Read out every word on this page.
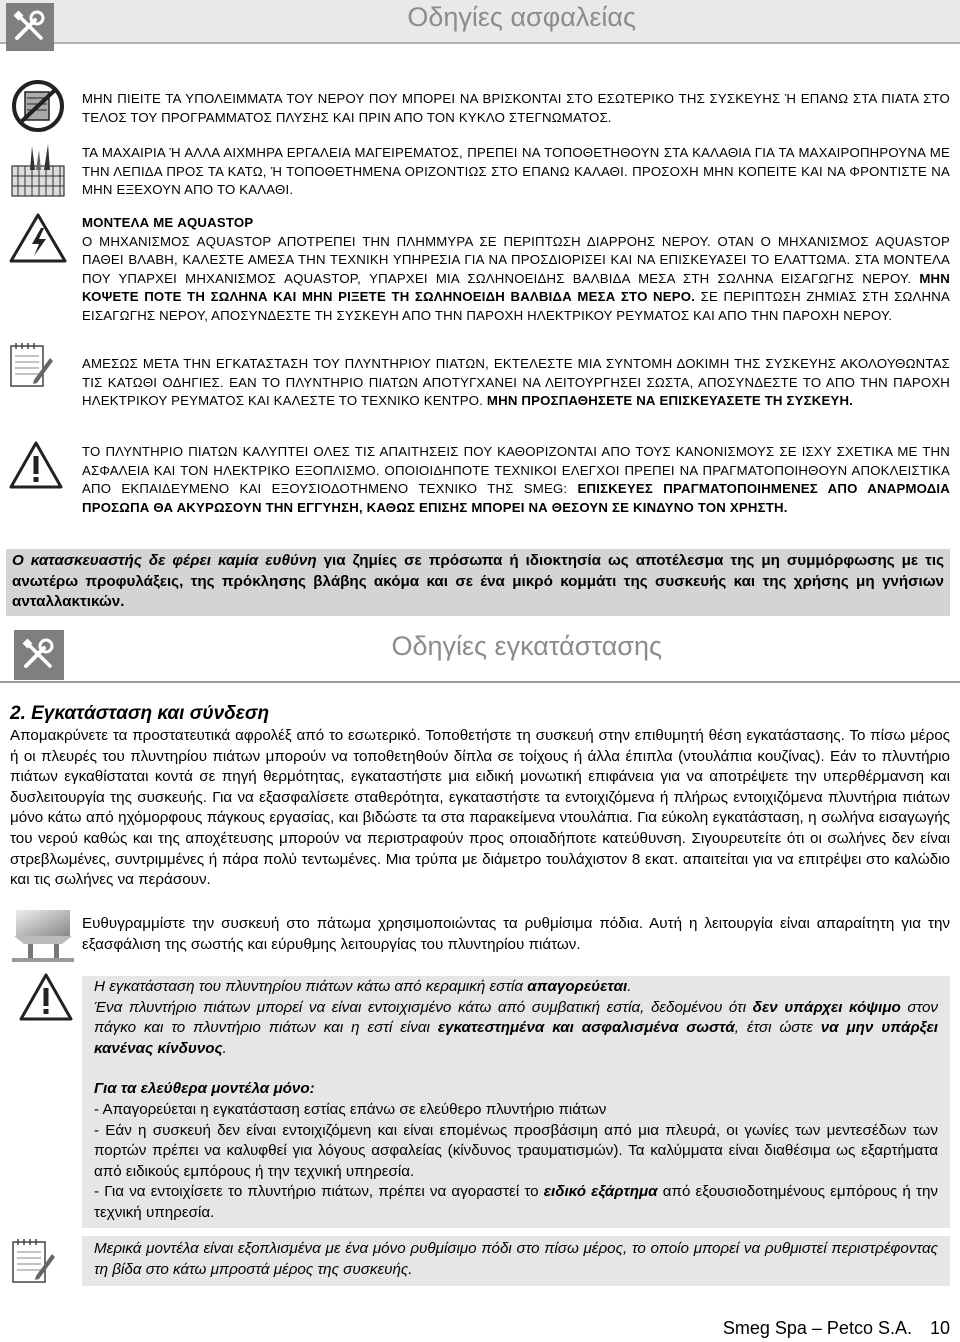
Οδηγίες ασφαλείας
ΜΗΝ ΠΙΕΙΤΕ ΤΑ ΥΠΟΛΕΙΜΜΑΤΑ ΤΟΥ ΝΕΡΟΥ ΠΟΥ ΜΠΟΡΕΙ ΝΑ ΒΡΙΣΚΟΝΤΑΙ ΣΤΟ ΕΣΩΤΕΡΙΚΟ ΤΗΣ ΣΥΣΚΕΥΗΣ Ή ΕΠΑΝΩ ΣΤΑ ΠΙΑΤΑ ΣΤΟ ΤΕΛΟΣ ΤΟΥ ΠΡΟΓΡΑΜΜΑΤΟΣ ΠΛΥΣΗΣ ΚΑΙ ΠΡΙΝ ΑΠΟ ΤΟΝ ΚΥΚΛΟ ΣΤΕΓΝΩΜΑΤΟΣ.
ΤΑ ΜΑΧΑΙΡΙΑ Ή ΑΛΛΑ ΑΙΧΜΗΡΑ ΕΡΓΑΛΕΙΑ ΜΑΓΕΙΡΕΜΑΤΟΣ, ΠΡΕΠΕΙ ΝΑ ΤΟΠΟΘΕΤΗΘΟΥΝ ΣΤΑ ΚΑΛΑΘΙΑ ΓΙΑ ΤΑ ΜΑΧΑΙΡΟΠΗΡΟΥΝΑ ΜΕ ΤΗΝ ΛΕΠΙΔΑ ΠΡΟΣ ΤΑ ΚΑΤΩ, Ή ΤΟΠΟΘΕΤΗΜΕΝΑ ΟΡΙΖΟΝΤΙΩΣ ΣΤΟ ΕΠΑΝΩ ΚΑΛΑΘΙ. ΠΡΟΣΟΧΗ ΜΗΝ ΚΟΠΕΙΤΕ ΚΑΙ ΝΑ ΦΡΟΝΤΙΣΤΕ ΝΑ ΜΗΝ ΕΞΕΧΟΥΝ ΑΠΟ ΤΟ ΚΑΛΑΘΙ.
ΜΟΝΤΕΛΑ ΜΕ AQUASTOP
Ο ΜΗΧΑΝΙΣΜΟΣ AQUASTOP ΑΠΟΤΡΕΠΕΙ ΤΗΝ ΠΛΗΜΜΥΡΑ ΣΕ ΠΕΡΙΠΤΩΣΗ ΔΙΑΡΡΟΗΣ ΝΕΡΟΥ. ΟΤΑΝ Ο ΜΗΧΑΝΙΣΜΟΣ AQUASTOP ΠΑΘΕΙ ΒΛΑΒΗ, ΚΑΛΕΣΤΕ ΑΜΕΣΑ ΤΗΝ ΤΕΧΝΙΚΗ ΥΠΗΡΕΣΙΑ ΓΙΑ ΝΑ ΠΡΟΣΔΙΟΡΙΣΕΙ ΚΑΙ ΝΑ ΕΠΙΣΚΕΥΑΣΕΙ ΤΟ ΕΛΑΤΤΩΜΑ. ΣΤΑ ΜΟΝΤΕΛΑ ΠΟΥ ΥΠΑΡΧΕΙ ΜΗΧΑΝΙΣΜΟΣ AQUASTOP, ΥΠΑΡΧΕΙ ΜΙΑ ΣΩΛΗΝΟΕΙΔΗΣ ΒΑΛΒΙΔΑ ΜΕΣΑ ΣΤΗ ΣΩΛΗΝΑ ΕΙΣΑΓΩΓΗΣ ΝΕΡΟΥ. ΜΗΝ ΚΟΨΕΤΕ ΠΟΤΕ ΤΗ ΣΩΛΗΝΑ ΚΑΙ ΜΗΝ ΡΙΞΕΤΕ ΤΗ ΣΩΛΗΝΟΕΙΔΗ ΒΑΛΒΙΔΑ ΜΕΣΑ ΣΤΟ ΝΕΡΟ. ΣΕ ΠΕΡΙΠΤΩΣΗ ΖΗΜΙΑΣ ΣΤΗ ΣΩΛΗΝΑ ΕΙΣΑΓΩΓΗΣ ΝΕΡΟΥ, ΑΠΟΣΥΝΔΕΣΤΕ ΤΗ ΣΥΣΚΕΥΗ ΑΠΟ ΤΗΝ ΠΑΡΟΧΗ ΗΛΕΚΤΡΙΚΟΥ ΡΕΥΜΑΤΟΣ ΚΑΙ ΑΠΟ ΤΗΝ ΠΑΡΟΧΗ ΝΕΡΟΥ.
ΑΜΕΣΩΣ ΜΕΤΑ ΤΗΝ ΕΓΚΑΤΑΣΤΑΣΗ ΤΟΥ ΠΛΥΝΤΗΡΙΟΥ ΠΙΑΤΩΝ, ΕΚΤΕΛΕΣΤΕ ΜΙΑ ΣΥΝΤΟΜΗ ΔΟΚΙΜΗ ΤΗΣ ΣΥΣΚΕΥΗΣ ΑΚΟΛΟΥΘΩΝΤΑΣ ΤΙΣ ΚΑΤΩΘΙ ΟΔΗΓΙΕΣ. ΕΑΝ ΤΟ ΠΛΥΝΤΗΡΙΟ ΠΙΑΤΩΝ ΑΠΟΤΥΓΧΑΝΕΙ ΝΑ ΛΕΙΤΟΥΡΓΗΣΕΙ ΣΩΣΤΑ, ΑΠΟΣΥΝΔΕΣΤΕ ΤΟ ΑΠΟ ΤΗΝ ΠΑΡΟΧΗ ΗΛΕΚΤΡΙΚΟΥ ΡΕΥΜΑΤΟΣ ΚΑΙ ΚΑΛΕΣΤΕ ΤΟ ΤΕΧΝΙΚΟ ΚΕΝΤΡΟ. ΜΗΝ ΠΡΟΣΠΑΘΗΣΕΤΕ ΝΑ ΕΠΙΣΚΕΥΑΣΕΤΕ ΤΗ ΣΥΣΚΕΥΗ.
ΤΟ ΠΛΥΝΤΗΡΙΟ ΠΙΑΤΩΝ ΚΑΛΥΠΤΕΙ ΟΛΕΣ ΤΙΣ ΑΠΑΙΤΗΣΕΙΣ ΠΟΥ ΚΑΘΟΡΙΖΟΝΤΑΙ ΑΠΟ ΤΟΥΣ ΚΑΝΟΝΙΣΜΟΥΣ ΣΕ ΙΣΧΥ ΣΧΕΤΙΚΑ ΜΕ ΤΗΝ ΑΣΦΑΛΕΙΑ ΚΑΙ ΤΟΝ ΗΛΕΚΤΡΙΚΟ ΕΞΟΠΛΙΣΜΟ. ΟΠΟΙΟΙΔΗΠΟΤΕ ΤΕΧΝΙΚΟΙ ΕΛΕΓΧΟΙ ΠΡΕΠΕΙ ΝΑ ΠΡΑΓΜΑΤΟΠΟΙΗΘΟΥΝ ΑΠΟΚΛΕΙΣΤΙΚΑ ΑΠΟ ΕΚΠΑΙΔΕΥΜΕΝΟ ΚΑΙ ΕΞΟΥΣΙΟΔΟΤΗΜΕΝΟ ΤΕΧΝΙΚΟ ΤΗΣ SMEG: ΕΠΙΣΚΕΥΕΣ ΠΡΑΓΜΑΤΟΠΟΙΗΜΕΝΕΣ ΑΠΟ ΑΝΑΡΜΟΔΙΑ ΠΡΟΣΩΠΑ ΘΑ ΑΚΥΡΩΣΟΥΝ ΤΗΝ ΕΓΓΥΗΣΗ, ΚΑΘΩΣ ΕΠΙΣΗΣ ΜΠΟΡΕΙ ΝΑ ΘΕΣΟΥΝ ΣΕ ΚΙΝΔΥΝΟ ΤΟΝ ΧΡΗΣΤΗ.
Ο κατασκευαστής δε φέρει καμία ευθύνη για ζημίες σε πρόσωπα ή ιδιοκτησία ως αποτέλεσμα της μη συμμόρφωσης με τις ανωτέρω προφυλάξεις, της πρόκλησης βλάβης ακόμα και σε ένα μικρό κομμάτι της συσκευής και της χρήσης μη γνήσιων ανταλλακτικών.
Οδηγίες εγκατάστασης
2. Εγκατάσταση και σύνδεση
Απομακρύνετε τα προστατευτικά αφρολέξ από το εσωτερικό. Τοποθετήστε τη συσκευή στην επιθυμητή θέση εγκατάστασης. Το πίσω μέρος ή οι πλευρές του πλυντηρίου πιάτων μπορούν να τοποθετηθούν δίπλα σε τοίχους ή άλλα έπιπλα (ντουλάπια κουζίνας). Εάν το πλυντήριο πιάτων εγκαθίσταται κοντά σε πηγή θερμότητας, εγκαταστήστε μια ειδική μονωτική επιφάνεια για να αποτρέψετε την υπερθέρμανση και δυσλειτουργία της συσκευής. Για να εξασφαλίσετε σταθερότητα, εγκαταστήστε τα εντοιχιζόμενα ή πλήρως εντοιχιζόμενα πλυντήρια πιάτων μόνο κάτω από ηχόμορφους πάγκους εργασίας, και βιδώστε τα στα παρακείμενα ντουλάπια. Για εύκολη εγκατάσταση, η σωλήνα εισαγωγής του νερού καθώς και της αποχέτευσης μπορούν να περιστραφούν προς οποιαδήποτε κατεύθυνση. Σιγουρευτείτε ότι οι σωλήνες δεν είναι στρεβλωμένες, συντριμμένες ή πάρα πολύ τεντωμένες. Μια τρύπα με διάμετρο τουλάχιστον 8 εκατ. απαιτείται για να επιτρέψει στο καλώδιο και τις σωλήνες να περάσουν.
Ευθυγραμμίστε την συσκευή στο πάτωμα χρησιμοποιώντας τα ρυθμίσιμα πόδια. Αυτή η λειτουργία είναι απαραίτητη για την εξασφάλιση της σωστής και εύρυθμης λειτουργίας του πλυντηρίου πιάτων.
Η εγκατάσταση του πλυντηρίου πιάτων κάτω από κεραμική εστία απαγορεύεται.
Ένα πλυντήριο πιάτων μπορεί να είναι εντοιχισμένο κάτω από συμβατική εστία, δεδομένου ότι δεν υπάρχει κόψιμο στον πάγκο και το πλυντήριο πιάτων και η εστί είναι εγκατεστημένα και ασφαλισμένα σωστά, έτσι ώστε να μην υπάρξει κανένας κίνδυνος.
Για τα ελεύθερα μοντέλα μόνο:
- Απαγορεύεται η εγκατάσταση εστίας επάνω σε ελεύθερο πλυντήριο πιάτων
- Εάν η συσκευή δεν είναι εντοιχιζόμενη και είναι επομένως προσβάσιμη από μια πλευρά, οι γωνίες των μεντεσέδων των πορτών πρέπει να καλυφθεί για λόγους ασφαλείας (κίνδυνος τραυματισμών). Τα καλύμματα είναι διαθέσιμα ως εξαρτήματα από ειδικούς εμπόρους ή την τεχνική υπηρεσία.
- Για να εντοιχίσετε το πλυντήριο πιάτων, πρέπει να αγοραστεί το ειδικό εξάρτημα από εξουσιοδοτημένους εμπόρους ή την τεχνική υπηρεσία.
Μερικά μοντέλα είναι εξοπλισμένα με ένα μόνο ρυθμίσιμο πόδι στο πίσω μέρος, το οποίο μπορεί να ρυθμιστεί περιστρέφοντας τη βίδα στο κάτω μπροστά μέρος της συσκευής.
Smeg Spa – Petco S.A. 10
